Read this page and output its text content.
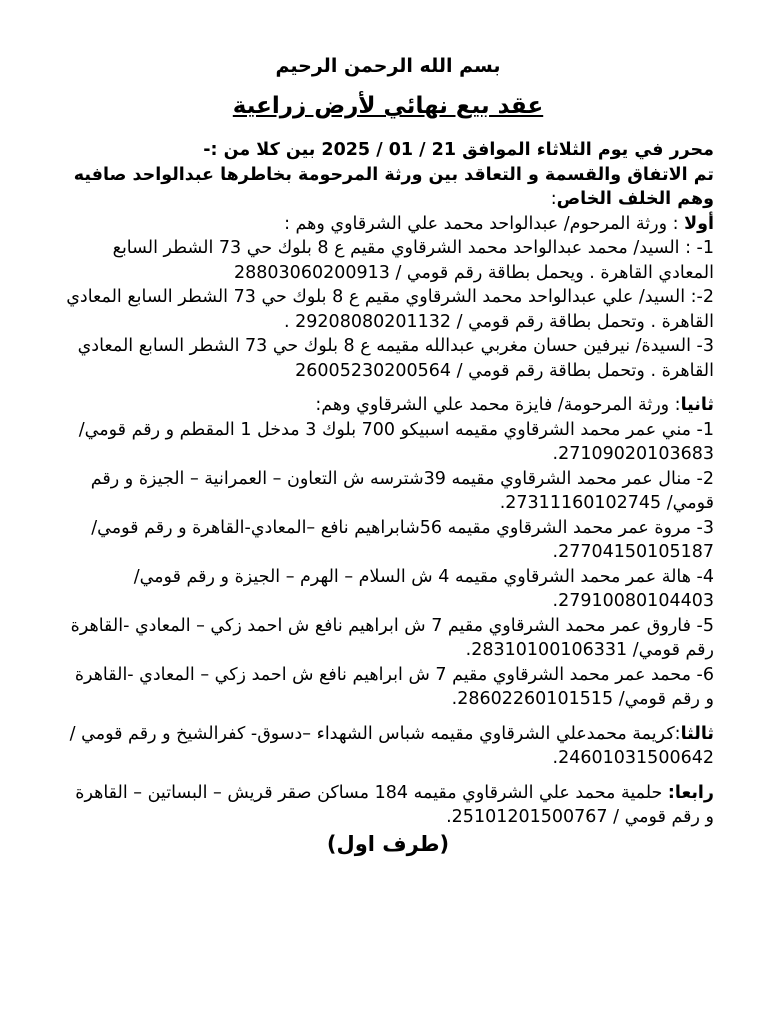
بسم الله الرحمن الرحيم
عقد بيع نهائي لأرض زراعية

محرر في يوم الثلاثاء الموافق 21 / 01 / 2025 بين كلا من :-

تم الاتفاق والقسمة و التعاقد بين ورثة المرحومة بخاطرها عبدالواحد صافيه وهم الخلف الخاص:

أولا : ورثة المرحوم/ عبدالواحد محمد علي الشرقاوي وهم :

1- : السيد/ محمد عبدالواحد محمد الشرقاوي مقيم ع 8 بلوك حي 73 الشطر السابع المعادي القاهرة . ويحمل بطاقة رقم قومي / 28803060200913

2-: السيد/ علي عبدالواحد محمد الشرقاوي مقيم ع 8 بلوك حي 73 الشطر السابع المعادي القاهرة . وتحمل بطاقة رقم قومي / 29208080201132 .

3- السيدة/ نيرفين حسان مغربي عبدالله مقيمه ع 8 بلوك حي 73 الشطر السابع المعادي القاهرة . وتحمل بطاقة رقم قومي / 26005230200564

ثانيا: ورثة المرحومة/ فايزة محمد علي الشرقاوي وهم:

1- مني عمر محمد الشرقاوي مقيمه اسبيكو 700 بلوك 3 مدخل 1 المقطم و رقم قومي/ 27109020103683.

2- منال عمر محمد الشرقاوي مقيمه 39شترسه ش التعاون – العمرانية – الجيزة و رقم قومي/ 27311160102745.

3- مروة عمر محمد الشرقاوي مقيمه 56شابراهيم نافع –المعادي-القاهرة و رقم قومي/ 27704150105187.

4- هالة عمر محمد الشرقاوي مقيمه 4 ش السلام – الهرم – الجيزة و رقم قومي/ 27910080104403.

5- فاروق عمر محمد الشرقاوي مقيم 7 ش ابراهيم نافع ش احمد زكي – المعادي -القاهرة رقم قومي/ 28310100106331.

6- محمد عمر محمد الشرقاوي مقيم 7 ش ابراهيم نافع ش احمد زكي – المعادي -القاهرة و رقم قومي/ 28602260101515.

ثالثا:كريمة محمدعلي الشرقاوي مقيمه شباس الشهداء –دسوق- كفرالشيخ و رقم قومي / 24601031500642.

رابعا: حلمية محمد علي الشرقاوي مقيمه 184 مساكن صقر قريش – البساتين – القاهرة و رقم قومي / 25101201500767.

(طرف اول)
